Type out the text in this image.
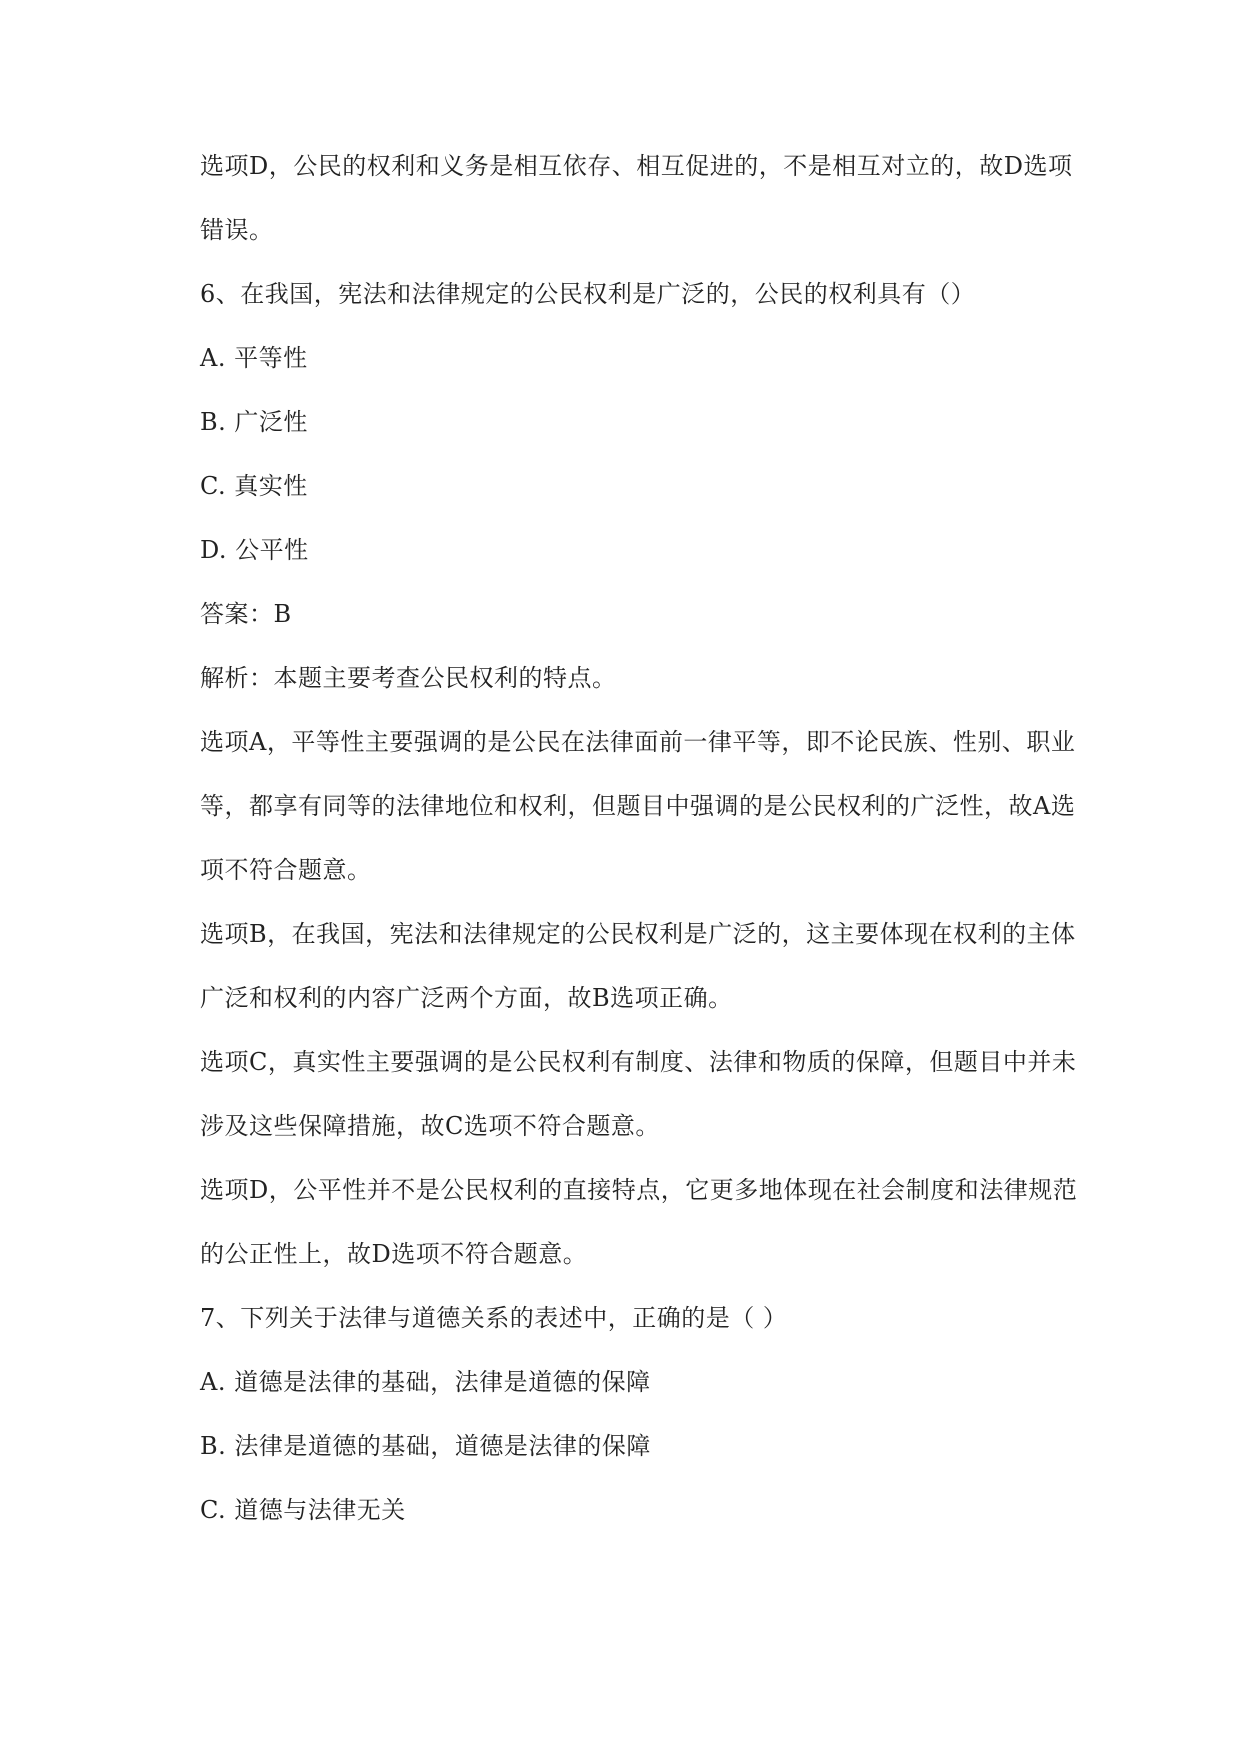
选项D，公民的权利和义务是相互依存、相互促进的，不是相互对立的，故D选项
错误。
6、在我国，宪法和法律规定的公民权利是广泛的，公民的权利具有（）
A. 平等性
B. 广泛性
C. 真实性
D. 公平性
答案：B
解析：本题主要考查公民权利的特点。
选项A，平等性主要强调的是公民在法律面前一律平等，即不论民族、性别、职业
等，都享有同等的法律地位和权利，但题目中强调的是公民权利的广泛性，故A选
项不符合题意。
选项B，在我国，宪法和法律规定的公民权利是广泛的，这主要体现在权利的主体
广泛和权利的内容广泛两个方面，故B选项正确。
选项C，真实性主要强调的是公民权利有制度、法律和物质的保障，但题目中并未
涉及这些保障措施，故C选项不符合题意。
选项D，公平性并不是公民权利的直接特点，它更多地体现在社会制度和法律规范
的公正性上，故D选项不符合题意。
7、下列关于法律与道德关系的表述中，正确的是（ ）
A. 道德是法律的基础，法律是道德的保障
B. 法律是道德的基础，道德是法律的保障
C. 道德与法律无关
